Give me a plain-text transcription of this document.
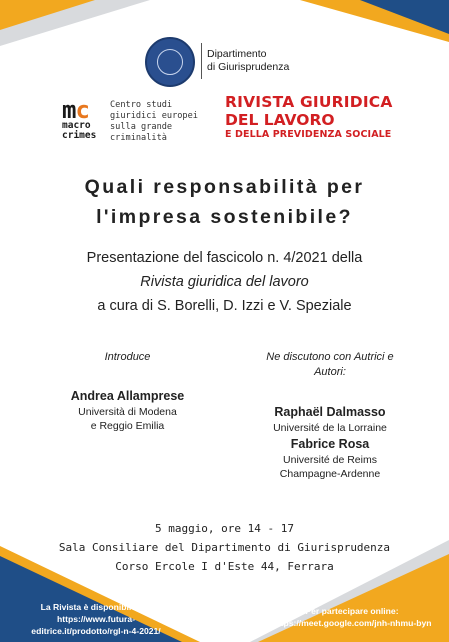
Dipartimento
di Giurisprudenza
mc
macro
crimes
Centro studi
giuridici europei
sulla grande
criminalità
RIVISTA GIURIDICA
DEL LAVORO
E DELLA PREVIDENZA SOCIALE
Quali responsabilità per
l'impresa sostenibile?
Presentazione del fascicolo n. 4/2021 della
Rivista giuridica del lavoro
a cura di S. Borelli, D. Izzi e V. Speziale
Introduce
Andrea Allamprese
Università di Modena
e Reggio Emilia
Ne discutono con Autrici e
Autori:
Raphaël Dalmasso
Université de la Lorraine
Fabrice Rosa
Université de Reims
Champagne-Ardenne
5 maggio, ore 14 - 17
Sala Consiliare del Dipartimento di Giurisprudenza
Corso Ercole I d'Este 44, Ferrara
La Rivista è disponibile su:
https://www.futura-
editrice.it/prodotto/rgl-n-4-2021/
Per partecipare online:
https://meet.google.com/jnh-nhmu-byn
